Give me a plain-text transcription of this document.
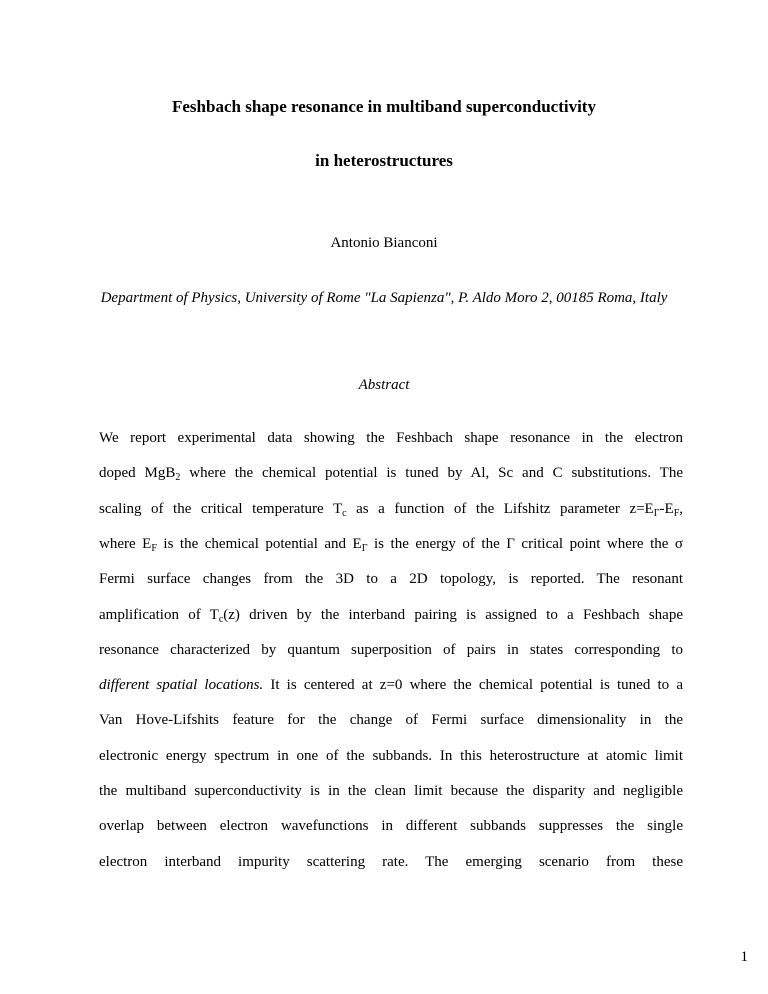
Feshbach shape resonance in multiband superconductivity
in heterostructures
Antonio Bianconi
Department of Physics, University of Rome "La Sapienza", P. Aldo Moro 2, 00185 Roma, Italy
Abstract
We report experimental data showing the Feshbach shape resonance in the electron
doped MgB$_2$ where the chemical potential is tuned by Al, Sc and C substitutions. The
scaling of the critical temperature $T_c$ as a function of the Lifshitz parameter $z=E_\Gamma-E_F$,
where $E_F$ is the chemical potential and $E_\Gamma$ is the energy of the Γ critical point where the σ
Fermi surface changes from the 3D to a 2D topology, is reported. The resonant
amplification of $T_c(z)$ driven by the interband pairing is assigned to a Feshbach shape
resonance characterized by quantum superposition of pairs in states corresponding to
different spatial locations. It is centered at z=0 where the chemical potential is tuned to a
Van Hove-Lifshits feature for the change of Fermi surface dimensionality in the
electronic energy spectrum in one of the subbands. In this heterostructure at atomic limit
the multiband superconductivity is in the clean limit because the disparity and negligible
overlap between electron wavefunctions in different subbands suppresses the single
electron interband impurity scattering rate. The emerging scenario from these
1
